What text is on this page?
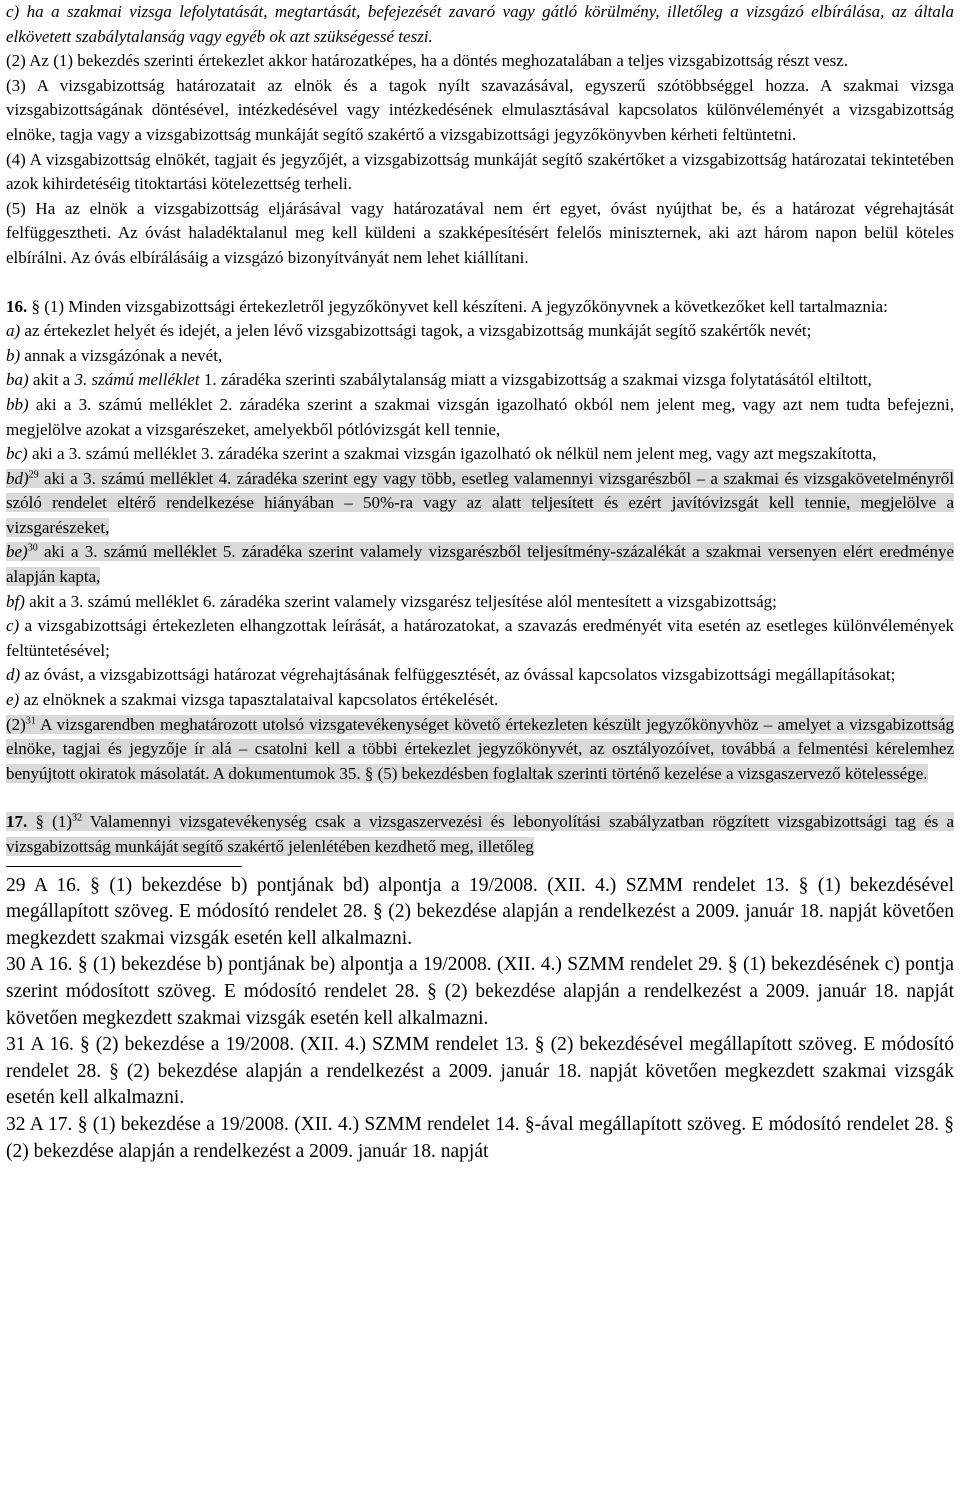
c) ha a szakmai vizsga lefolytatását, megtartását, befejezését zavaró vagy gátló körülmény, illetőleg a vizsgázó elbírálása, az általa elkövetett szabálytalanság vagy egyéb ok azt szükségessé teszi.

(2) Az (1) bekezdés szerinti értekezlet akkor határozatképes, ha a döntés meghozatalában a teljes vizsgabizottság részt vesz.

(3) A vizsgabizottság határozatait az elnök és a tagok nyílt szavazásával, egyszerű szótöbbséggel hozza. A szakmai vizsga vizsgabizottságának döntésével, intézkedésével vagy intézkedésének elmulasztásával kapcsolatos különvéleményét a vizsgabizottság elnöke, tagja vagy a vizsgabizottság munkáját segítő szakértő a vizsgabizottsági jegyzőkönyvben kérheti feltüntetni.

(4) A vizsgabizottság elnökét, tagjait és jegyzőjét, a vizsgabizottság munkáját segítő szakértőket a vizsgabizottság határozatai tekintetében azok kihirdetéséig titoktartási kötelezettség terheli.

(5) Ha az elnök a vizsgabizottság eljárásával vagy határozatával nem ért egyet, óvást nyújthat be, és a határozat végrehajtását felfüggesztheti. Az óvást haladéktalanul meg kell küldeni a szakképesítésért felelős miniszternek, aki azt három napon belül köteles elbírálni. Az óvás elbírálásáig a vizsgázó bizonyítványát nem lehet kiállítani.

16. § (1) Minden vizsgabizottsági értekezletről jegyzőkönyvet kell készíteni. A jegyzőkönyvnek a következőket kell tartalmaznia:

a) az értekezlet helyét és idejét, a jelen lévő vizsgabizottsági tagok, a vizsgabizottság munkáját segítő szakértők nevét;

b) annak a vizsgázónak a nevét,

ba) akit a 3. számú melléklet 1. záradéka szerinti szabálytalanság miatt a vizsgabizottság a szakmai vizsga folytatásától eltiltott,

bb) aki a 3. számú melléklet 2. záradéka szerint a szakmai vizsgán igazolható okból nem jelent meg, vagy azt nem tudta befejezni, megjelölve azokat a vizsgarészeket, amelyekből pótlóvizsgát kell tennie,

bc) aki a 3. számú melléklet 3. záradéka szerint a szakmai vizsgán igazolható ok nélkül nem jelent meg, vagy azt megszakította,

bd)$^{29}$ aki a 3. számú melléklet 4. záradéka szerint egy vagy több, esetleg valamennyi vizsgarészből – a szakmai és vizsgakövetelményről szóló rendelet eltérő rendelkezése hiányában – 50%-ra vagy az alatt teljesített és ezért javítóvizsgát kell tennie, megjelölve a vizsgarészeket,

be)$^{30}$ aki a 3. számú melléklet 5. záradéka szerint valamely vizsgarészből teljesítmény-százalékát a szakmai versenyen elért eredménye alapján kapta,

bf) akit a 3. számú melléklet 6. záradéka szerint valamely vizsgarész teljesítése alól mentesített a vizsgabizottság;

c) a vizsgabizottsági értekezleten elhangzottak leírását, a határozatokat, a szavazás eredményét vita esetén az esetleges különvélemények feltüntetésével;

d) az óvást, a vizsgabizottsági határozat végrehajtásának felfüggesztését, az óvással kapcsolatos vizsgabizottsági megállapításokat;

e) az elnöknek a szakmai vizsga tapasztalataival kapcsolatos értékelését.

$(2)^{31}$ A vizsgarendben meghatározott utolsó vizsgatevékenységet követő értekezleten készült jegyzőkönyvhöz – amelyet a vizsgabizottság elnöke, tagjai és jegyzője ír alá – csatolni kell a többi értekezlet jegyzőkönyvét, az osztályozóívet, továbbá a felmentési kérelemhez benyújtott okiratok másolatát. A dokumentumok 35. § (5) bekezdésben foglaltak szerinti történő kezelése a vizsgaszervező kötelessége.

17. § $(1)^{32}$ Valamennyi vizsgatevékenység csak a vizsgaszervezési és lebonyolítási szabályzatban rögzített vizsgabizottsági tag és a vizsgabizottság munkáját segítő szakértő jelenlétében kezdhető meg, illetőleg

29 A 16. § (1) bekezdése b) pontjának bd) alpontja a 19/2008. (XII. 4.) SZMM rendelet 13. § (1) bekezdésével megállapított szöveg. E módosító rendelet 28. § (2) bekezdése alapján a rendelkezést a 2009. január 18. napját követően megkezdett szakmai vizsgák esetén kell alkalmazni.

30 A 16. § (1) bekezdése b) pontjának be) alpontja a 19/2008. (XII. 4.) SZMM rendelet 29. § (1) bekezdésének c) pontja szerint módosított szöveg. E módosító rendelet 28. § (2) bekezdése alapján a rendelkezést a 2009. január 18. napját követően megkezdett szakmai vizsgák esetén kell alkalmazni.

31 A 16. § (2) bekezdése a 19/2008. (XII. 4.) SZMM rendelet 13. § (2) bekezdésével megállapított szöveg. E módosító rendelet 28. § (2) bekezdése alapján a rendelkezést a 2009. január 18. napját követően megkezdett szakmai vizsgák esetén kell alkalmazni.

32 A 17. § (1) bekezdése a 19/2008. (XII. 4.) SZMM rendelet 14. §-ával megállapított szöveg. E módosító rendelet 28. § (2) bekezdése alapján a rendelkezést a 2009. január 18. napját
